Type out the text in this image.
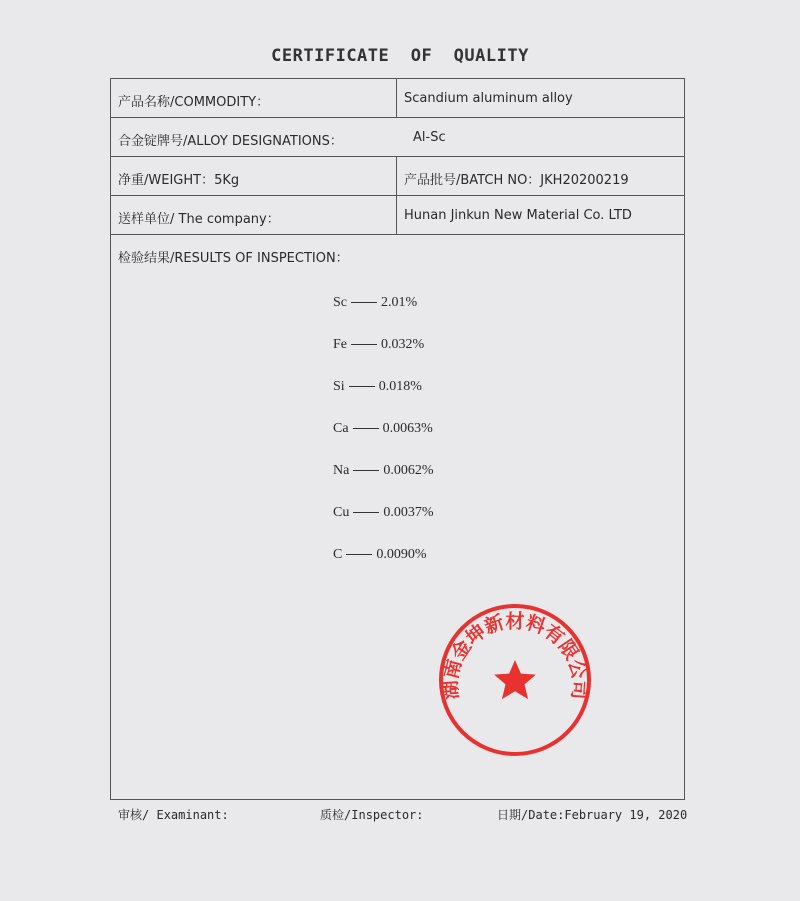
CERTIFICATE  OF  QUALITY
产品名称/COMMODITY：	Scandium aluminum alloy
合金锭牌号/ALLOY DESIGNATIONS：	Al-Sc
净重/WEIGHT：5Kg	产品批号/BATCH NO：JKH20200219
送样单位/ The company：	Hunan Jinkun New Material Co. LTD
检验结果/RESULTS OF INSPECTION：
Sc 2.01%
Fe 0.032%
Si 0.018%
Ca 0.0063%
Na 0.0062%
Cu 0.0037%
C 0.0090%
湖南金坤新材料有限公司
审核/ Examinant:	质检/Inspector:	日期/Date:February 19, 2020
